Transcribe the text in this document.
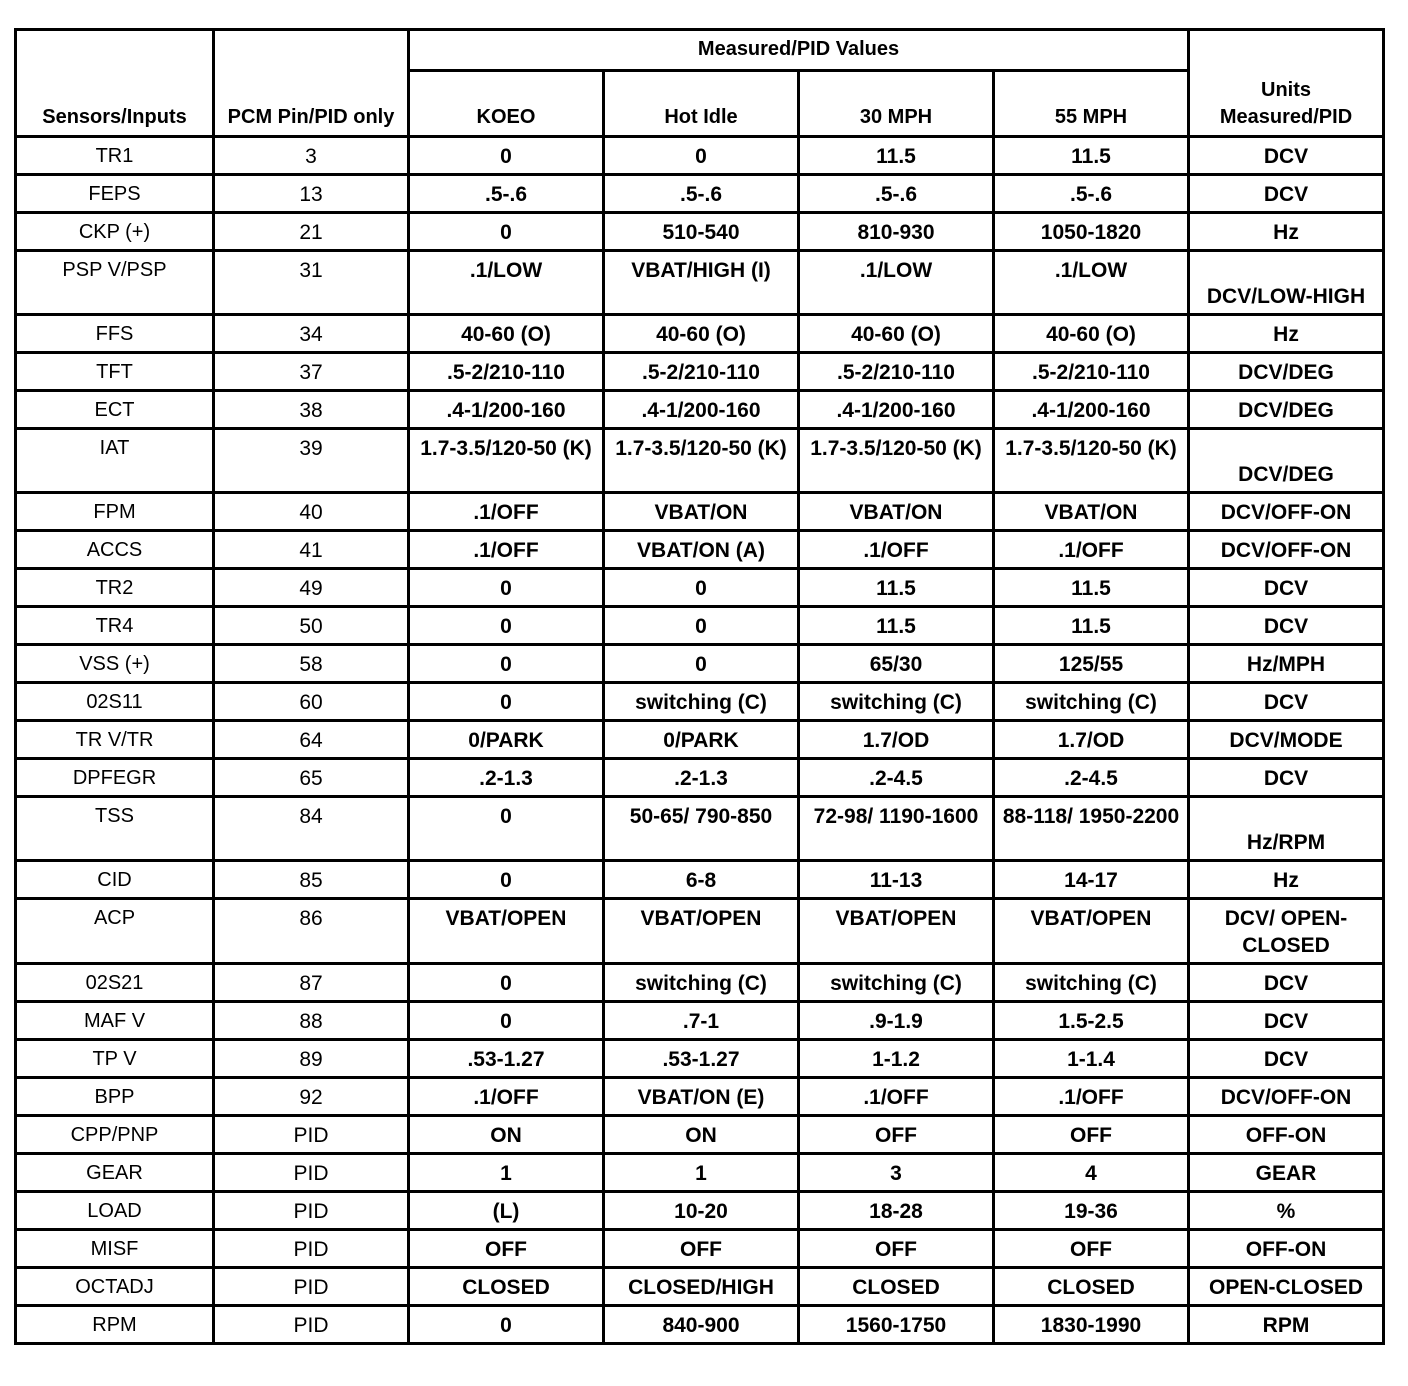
Sensors/Inputs	PCM Pin/PID only	Measured/PID Values				Units Measured/PID
		KOEO	Hot Idle	30 MPH	55 MPH	
TR1	3	0	0	11.5	11.5	DCV
FEPS	13	.5-.6	.5-.6	.5-.6	.5-.6	DCV
CKP (+)	21	0	510-540	810-930	1050-1820	Hz
PSP V/PSP	31	.1/LOW	VBAT/HIGH (I)	.1/LOW	.1/LOW	DCV/LOW-HIGH
FFS	34	40-60 (O)	40-60 (O)	40-60 (O)	40-60 (O)	Hz
TFT	37	.5-2/210-110	.5-2/210-110	.5-2/210-110	.5-2/210-110	DCV/DEG
ECT	38	.4-1/200-160	.4-1/200-160	.4-1/200-160	.4-1/200-160	DCV/DEG
IAT	39	1.7-3.5/120-50 (K)	1.7-3.5/120-50 (K)	1.7-3.5/120-50 (K)	1.7-3.5/120-50 (K)	DCV/DEG
FPM	40	.1/OFF	VBAT/ON	VBAT/ON	VBAT/ON	DCV/OFF-ON
ACCS	41	.1/OFF	VBAT/ON (A)	.1/OFF	.1/OFF	DCV/OFF-ON
TR2	49	0	0	11.5	11.5	DCV
TR4	50	0	0	11.5	11.5	DCV
VSS (+)	58	0	0	65/30	125/55	Hz/MPH
02S11	60	0	switching (C)	switching (C)	switching (C)	DCV
TR V/TR	64	0/PARK	0/PARK	1.7/OD	1.7/OD	DCV/MODE
DPFEGR	65	.2-1.3	.2-1.3	.2-4.5	.2-4.5	DCV
TSS	84	0	50-65/ 790-850	72-98/ 1190-1600	88-118/ 1950-2200	Hz/RPM
CID	85	0	6-8	11-13	14-17	Hz
ACP	86	VBAT/OPEN	VBAT/OPEN	VBAT/OPEN	VBAT/OPEN	DCV/ OPEN-CLOSED
02S21	87	0	switching (C)	switching (C)	switching (C)	DCV
MAF V	88	0	.7-1	.9-1.9	1.5-2.5	DCV
TP V	89	.53-1.27	.53-1.27	1-1.2	1-1.4	DCV
BPP	92	.1/OFF	VBAT/ON (E)	.1/OFF	.1/OFF	DCV/OFF-ON
CPP/PNP	PID	ON	ON	OFF	OFF	OFF-ON
GEAR	PID	1	1	3	4	GEAR
LOAD	PID	(L)	10-20	18-28	19-36	%
MISF	PID	OFF	OFF	OFF	OFF	OFF-ON
OCTADJ	PID	CLOSED	CLOSED/HIGH	CLOSED	CLOSED	OPEN-CLOSED
RPM	PID	0	840-900	1560-1750	1830-1990	RPM
